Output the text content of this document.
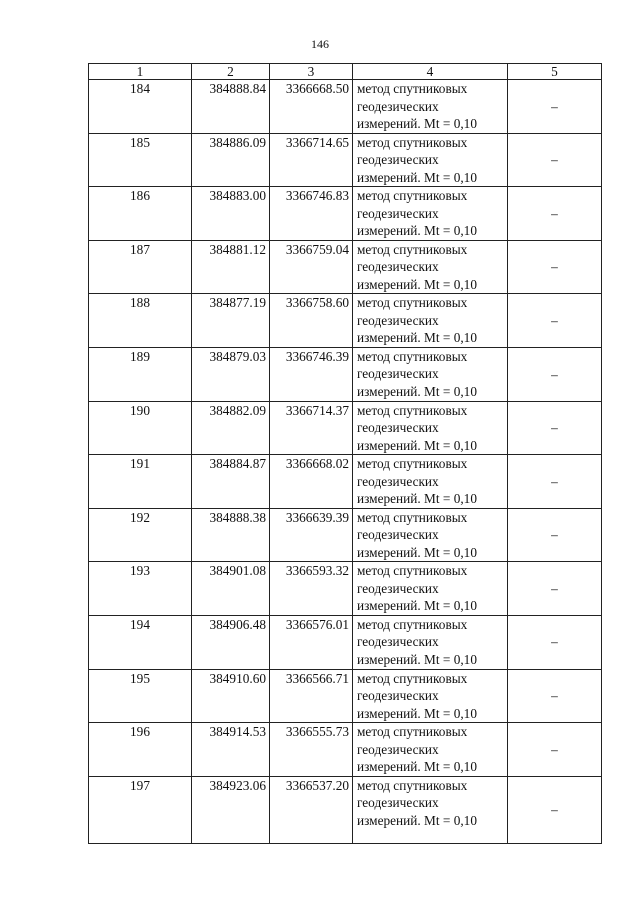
146
1	2	3	4	5
184	384888.84	3366668.50	метод спутниковых
геодезических
измерений. Mt = 0,10	–
185	384886.09	3366714.65	метод спутниковых
геодезических
измерений. Mt = 0,10	–
186	384883.00	3366746.83	метод спутниковых
геодезических
измерений. Mt = 0,10	–
187	384881.12	3366759.04	метод спутниковых
геодезических
измерений. Mt = 0,10	–
188	384877.19	3366758.60	метод спутниковых
геодезических
измерений. Mt = 0,10	–
189	384879.03	3366746.39	метод спутниковых
геодезических
измерений. Mt = 0,10	–
190	384882.09	3366714.37	метод спутниковых
геодезических
измерений. Mt = 0,10	–
191	384884.87	3366668.02	метод спутниковых
геодезических
измерений. Mt = 0,10	–
192	384888.38	3366639.39	метод спутниковых
геодезических
измерений. Mt = 0,10	–
193	384901.08	3366593.32	метод спутниковых
геодезических
измерений. Mt = 0,10	–
194	384906.48	3366576.01	метод спутниковых
геодезических
измерений. Mt = 0,10	–
195	384910.60	3366566.71	метод спутниковых
геодезических
измерений. Mt = 0,10	–
196	384914.53	3366555.73	метод спутниковых
геодезических
измерений. Mt = 0,10	–
197	384923.06	3366537.20	метод спутниковых
геодезических
измерений. Mt = 0,10	–
